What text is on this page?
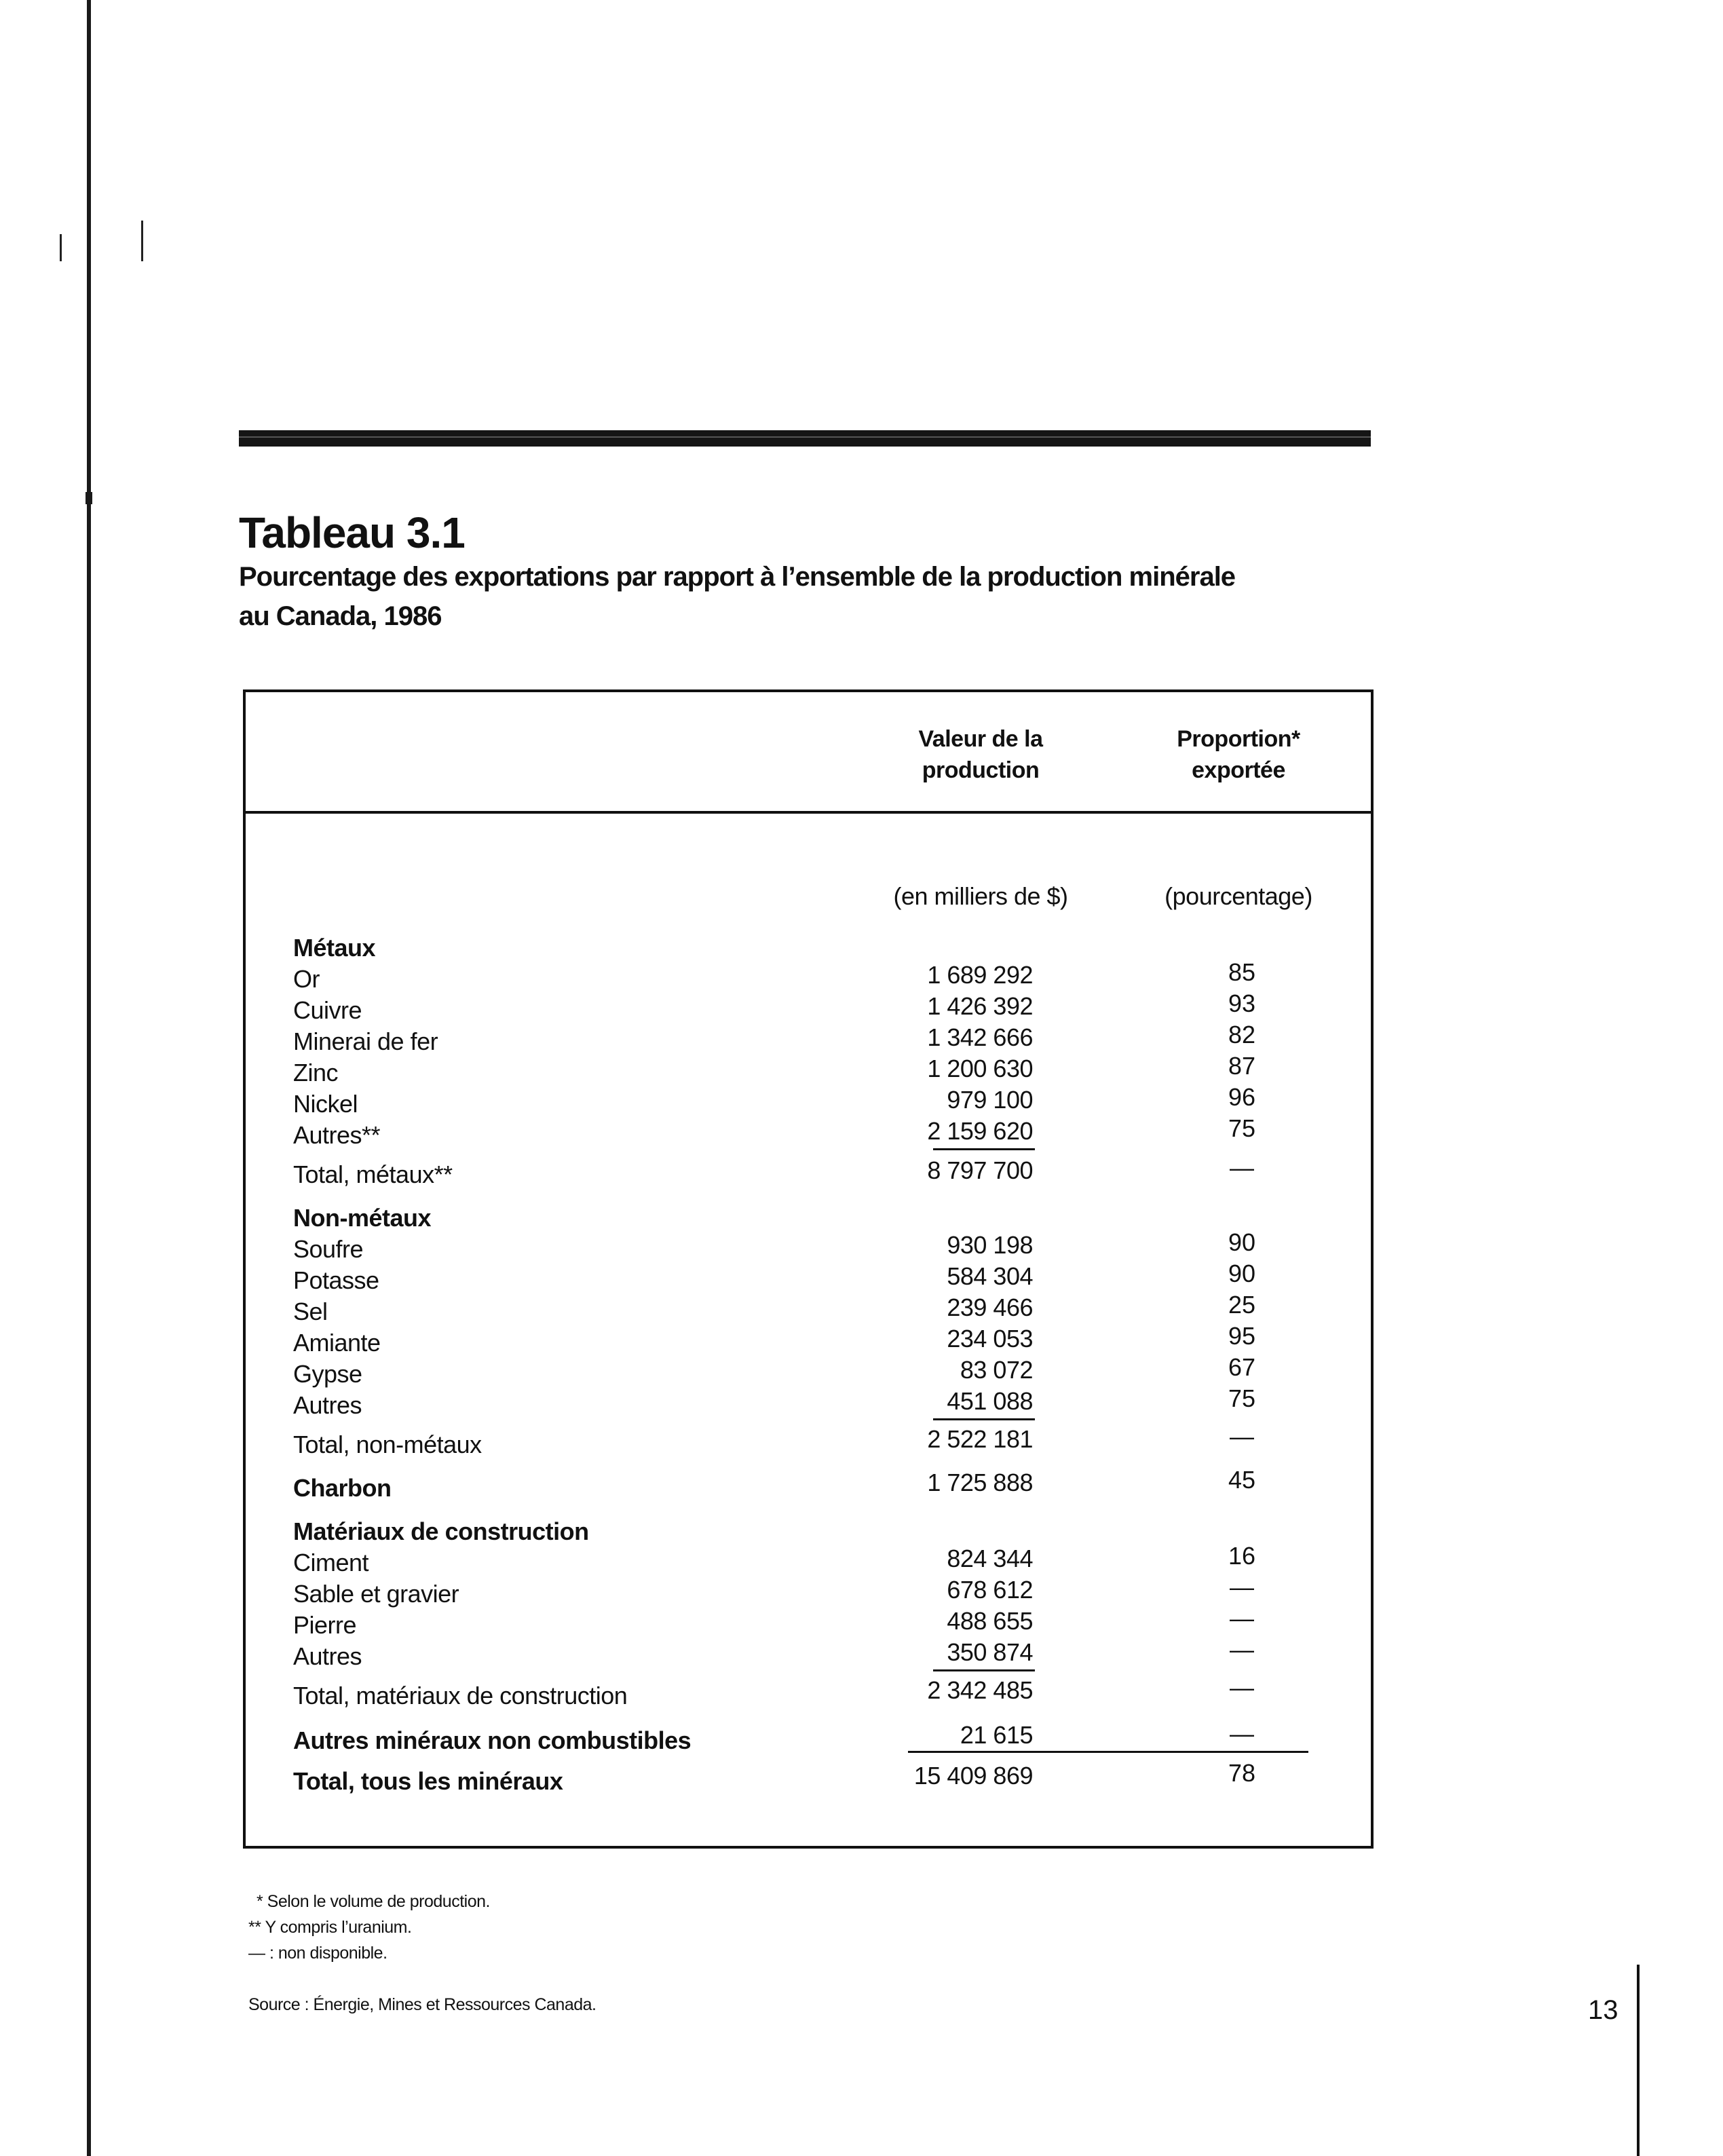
Tableau 3.1
Pourcentage des exportations par rapport à l’ensemble de la production minérale
au Canada, 1986
Valeur de la
production
Proportion*
exportée
(en milliers de $)	(pourcentage)
Métaux
Or	1 689 292	85
Cuivre	1 426 392	93
Minerai de fer	1 342 666	82
Zinc	1 200 630	87
Nickel	979 100	96
Autres**	2 159 620	75
Total, métaux**	8 797 700	—
Non-métaux
Soufre	930 198	90
Potasse	584 304	90
Sel	239 466	25
Amiante	234 053	95
Gypse	83 072	67
Autres	451 088	75
Total, non-métaux	2 522 181	—
Charbon	1 725 888	45
Matériaux de construction
Ciment	824 344	16
Sable et gravier	678 612	—
Pierre	488 655	—
Autres	350 874	—
Total, matériaux de construction	2 342 485	—
Autres minéraux non combustibles	21 615	—
Total, tous les minéraux	15 409 869	78
* Selon le volume de production.
** Y compris l’uranium.
— : non disponible.
Source : Énergie, Mines et Ressources Canada.	13
